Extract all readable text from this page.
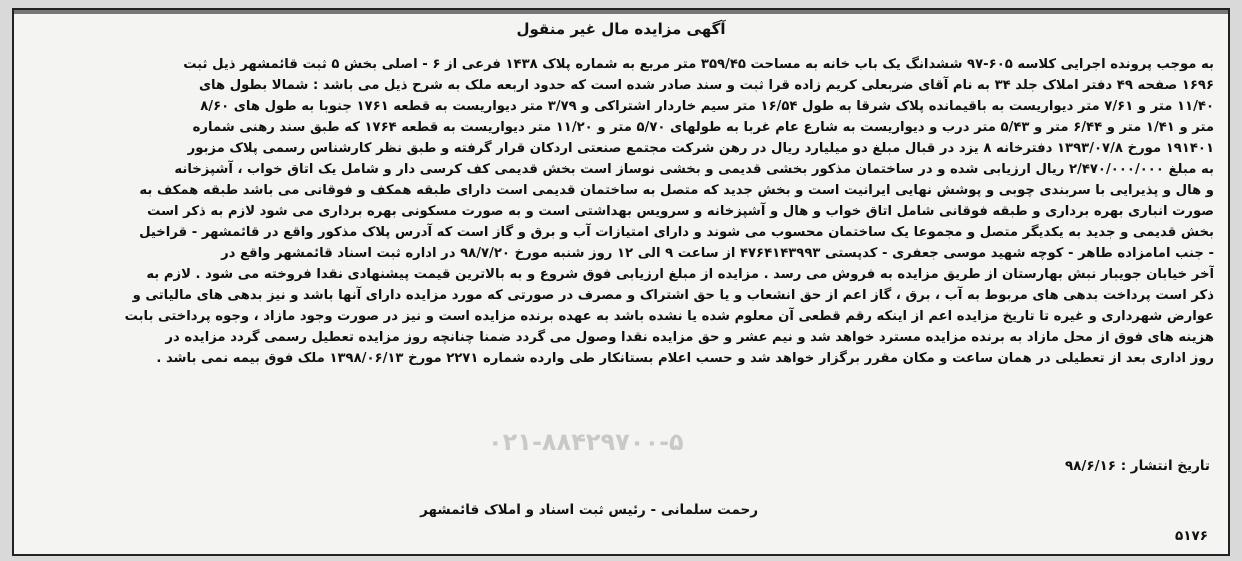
آگهی مزایده مال غیر منقول
به موجب پرونده اجرایی کلاسه ۶۰۵-۹۷ ششدانگ یک باب خانه به مساحت ۳۵۹/۴۵ متر مربع به شماره پلاک ۱۴۳۸ فرعی از ۶ - اصلی بخش ۵ ثبت قائمشهر ذیل ثبت
۱۶۹۶ صفحه ۴۹ دفتر املاک جلد ۳۴ به نام آقای ضربعلی کریم زاده قرا ثبت و سند صادر شده است که حدود اربعه ملک به شرح ذیل می باشد : شمالا بطول های
۱۱/۴۰ متر و ۷/۶۱ متر دیواریست به باقیمانده پلاک شرقا به طول ۱۶/۵۴ متر سیم خاردار اشتراکی و ۳/۷۹ متر دیواریست به قطعه ۱۷۶۱ جنوبا به طول های ۸/۶۰
متر و ۱/۴۱ متر و ۶/۴۴ متر و ۵/۴۳ متر درب و دیواریست به شارع عام غربا به طولهای ۵/۷۰ متر و ۱۱/۲۰ متر دیواریست به قطعه ۱۷۶۴ که طبق سند رهنی شماره
۱۹۱۴۰۱ مورخ ۱۳۹۳/۰۷/۸ دفترخانه ۸ یزد در قبال مبلغ دو میلیارد ریال در رهن شرکت مجتمع صنعتی اردکان قرار گرفته و طبق نظر کارشناس رسمی پلاک مزبور
به مبلغ ۲/۴۷۰/۰۰۰/۰۰۰ ریال ارزیابی شده و در ساختمان مذکور بخشی قدیمی و بخشی نوساز است بخش قدیمی کف کرسی دار و شامل یک اتاق خواب ، آشپزخانه
و هال و پذیرایی با سربندی چوبی و پوشش نهایی ایرانیت است و بخش جدید که متصل به ساختمان قدیمی است دارای طبقه همکف و فوقانی می باشد طبقه همکف به
صورت انباری بهره برداری و طبقه فوقانی شامل اتاق خواب و هال و آشپزخانه و سرویس بهداشتی است و به صورت مسکونی بهره برداری می شود لازم به ذکر است
بخش قدیمی و جدید به یکدیگر متصل و مجموعا یک ساختمان محسوب می شوند و دارای امتیازات آب و برق و گاز است که آدرس پلاک مذکور واقع در قائمشهر - قراخیل
- جنب امامزاده طاهر - کوچه شهید موسی جعفری - کدپستی ۴۷۶۴۱۴۳۹۹۳ از ساعت ۹ الی ۱۲ روز شنبه مورخ ۹۸/۷/۲۰ در اداره ثبت اسناد قائمشهر واقع در
آخر خیابان جویبار نبش بهارستان از طریق مزایده به فروش می رسد . مزایده از مبلغ ارزیابی فوق شروع و به بالاترین قیمت پیشنهادی نقدا فروخته می شود . لازم به
ذکر است پرداخت بدهی های مربوط به آب ، برق ، گاز اعم از حق انشعاب و یا حق اشتراک و مصرف در صورتی که مورد مزایده دارای آنها باشد و نیز بدهی های مالیاتی و
عوارض شهرداری و غیره تا تاریخ مزایده اعم از اینکه رقم قطعی آن معلوم شده یا نشده باشد به عهده برنده مزایده است و نیز در صورت وجود مازاد ، وجوه پرداختی بابت
هزینه های فوق از محل مازاد به برنده مزایده مسترد خواهد شد و نیم عشر و حق مزایده نقدا وصول می گردد ضمنا چنانچه روز مزایده تعطیل رسمی گردد مزایده در
روز اداری بعد از تعطیلی در همان ساعت و مکان مقرر برگزار خواهد شد و حسب اعلام بستانکار طی وارده شماره ۲۲۷۱ مورخ ۱۳۹۸/۰۶/۱۳ ملک فوق بیمه نمی باشد .
۰۲۱-۸۸۴۲۹۷۰۰-۵
تاریخ انتشار : ۹۸/۶/۱۶
رحمت سلمانی - رئیس ثبت اسناد و املاک قائمشهر
۵۱۷۶
